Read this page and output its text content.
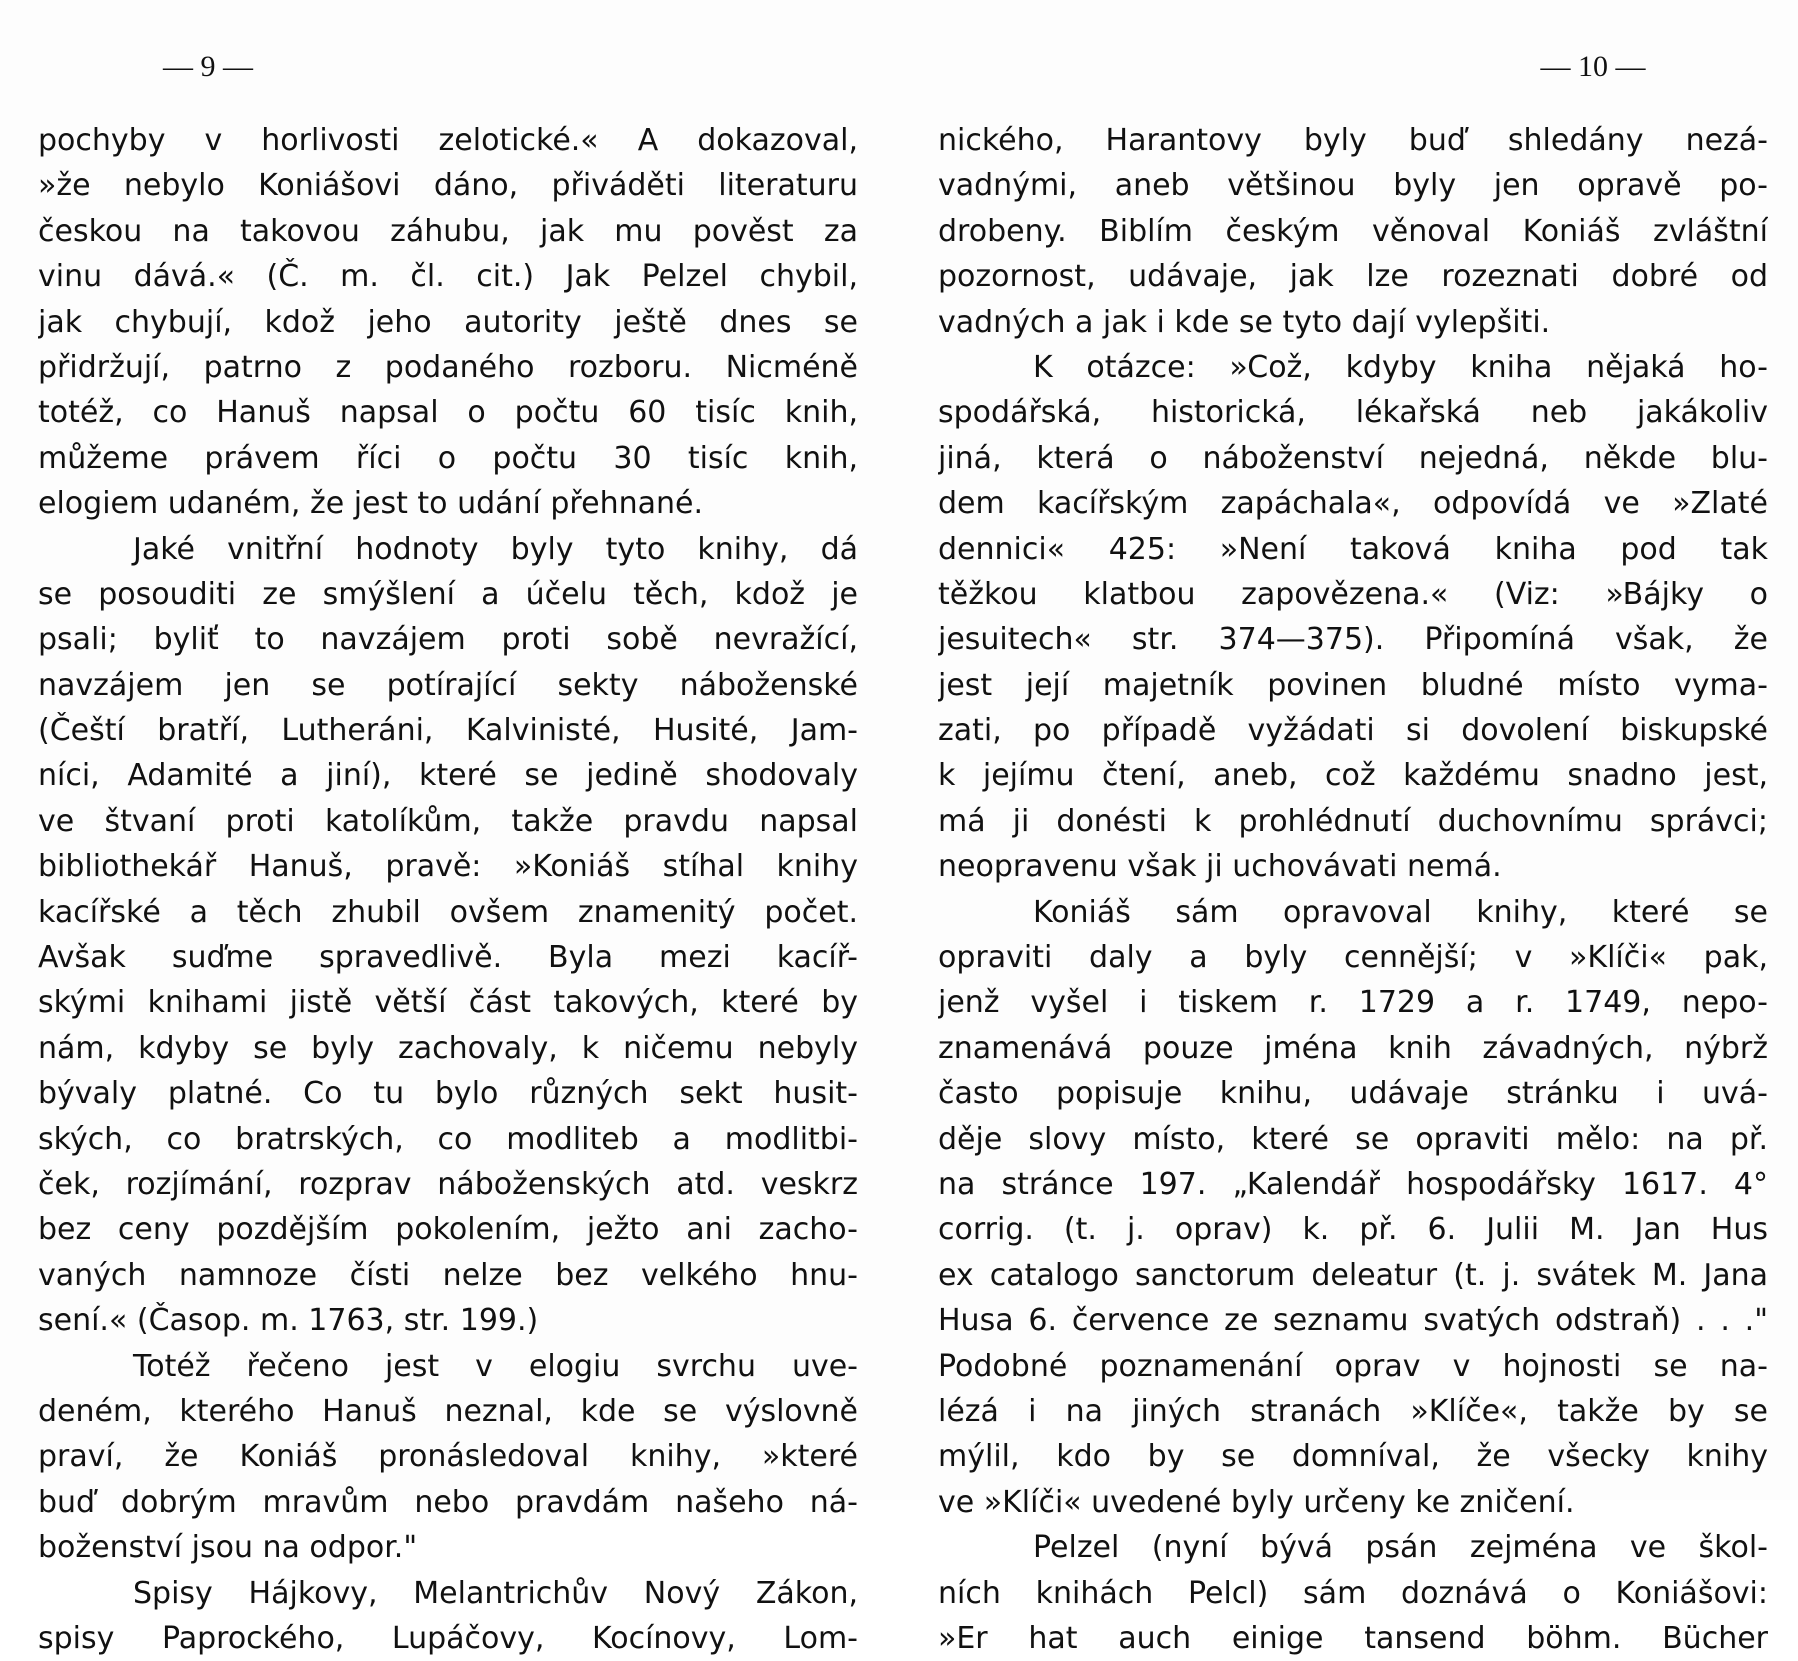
— 9 —
pochyby v horlivosti zelotické.« A dokazoval,
»že nebylo Koniášovi dáno, přiváděti literaturu
českou na takovou záhubu, jak mu pověst za
vinu dává.« (Č. m. čl. cit.) Jak Pelzel chybil,
jak chybují, kdož jeho autority ještě dnes se
přidržují, patrno z podaného rozboru. Nicméně
totéž, co Hanuš napsal o počtu 60 tisíc knih,
můžeme právem říci o počtu 30 tisíc knih,
elogiem udaném, že jest to udání přehnané.
Jaké vnitřní hodnoty byly tyto knihy, dá
se posouditi ze smýšlení a účelu těch, kdož je
psali; byliť to navzájem proti sobě nevražící,
navzájem jen se potírající sekty náboženské
(Čeští bratří, Lutheráni, Kalvinisté, Husité, Jam-
níci, Adamité a jiní), které se jedině shodovaly
ve štvaní proti katolíkům, takže pravdu napsal
bibliothekář Hanuš, pravě: »Koniáš stíhal knihy
kacířské a těch zhubil ovšem znamenitý počet.
Avšak suďme spravedlivě. Byla mezi kacíř-
skými knihami jistě větší část takových, které by
nám, kdyby se byly zachovaly, k ničemu nebyly
bývaly platné. Co tu bylo různých sekt husit-
ských, co bratrských, co modliteb a modlitbi-
ček, rozjímání, rozprav náboženských atd. veskrz
bez ceny pozdějším pokolením, ježto ani zacho-
vaných namnoze čísti nelze bez velkého hnu-
sení.« (Časop. m. 1763, str. 199.)
Totéž řečeno jest v elogiu svrchu uve-
deném, kterého Hanuš neznal, kde se výslovně
praví, že Koniáš pronásledoval knihy, »které
buď dobrým mravům nebo pravdám našeho ná-
boženství jsou na odpor."
Spisy Hájkovy, Melantrichův Nový Zákon,
spisy Paprockého, Lupáčovy, Kocínovy, Lom-
— 10 —
nického, Harantovy byly buď shledány nezá-
vadnými, aneb většinou byly jen opravě po-
drobeny. Biblím českým věnoval Koniáš zvláštní
pozornost, udávaje, jak lze rozeznati dobré od
vadných a jak i kde se tyto dají vylepšiti.
K otázce: »Což, kdyby kniha nějaká ho-
spodářská, historická, lékařská neb jakákoliv
jiná, která o náboženství nejedná, někde blu-
dem kacířským zapáchala«, odpovídá ve »Zlaté
dennici« 425: »Není taková kniha pod tak
těžkou klatbou zapovězena.« (Viz: »Bájky o
jesuitech« str. 374—375). Připomíná však, že
jest její majetník povinen bludné místo vyma-
zati, po případě vyžádati si dovolení biskupské
k jejímu čtení, aneb, což každému snadno jest,
má ji donésti k prohlédnutí duchovnímu správci;
neopravenu však ji uchovávati nemá.
Koniáš sám opravoval knihy, které se
opraviti daly a byly cennější; v »Klíči« pak,
jenž vyšel i tiskem r. 1729 a r. 1749, nepo-
znamenává pouze jména knih závadných, nýbrž
často popisuje knihu, udávaje stránku i uvá-
děje slovy místo, které se opraviti mělo: na př.
na stránce 197. „Kalendář hospodářsky 1617. 4°
corrig. (t. j. oprav) k. př. 6. Julii M. Jan Hus
ex catalogo sanctorum deleatur (t. j. svátek M. Jana
Husa 6. července ze seznamu svatých odstraň) . . ."
Podobné poznamenání oprav v hojnosti se na-
lézá i na jiných stranách »Klíče«, takže by se
mýlil, kdo by se domníval, že všecky knihy
ve »Klíči« uvedené byly určeny ke zničení.
Pelzel (nyní bývá psán zejména ve škol-
ních knihách Pelcl) sám doznává o Koniášovi:
»Er hat auch einige tansend böhm. Bücher
